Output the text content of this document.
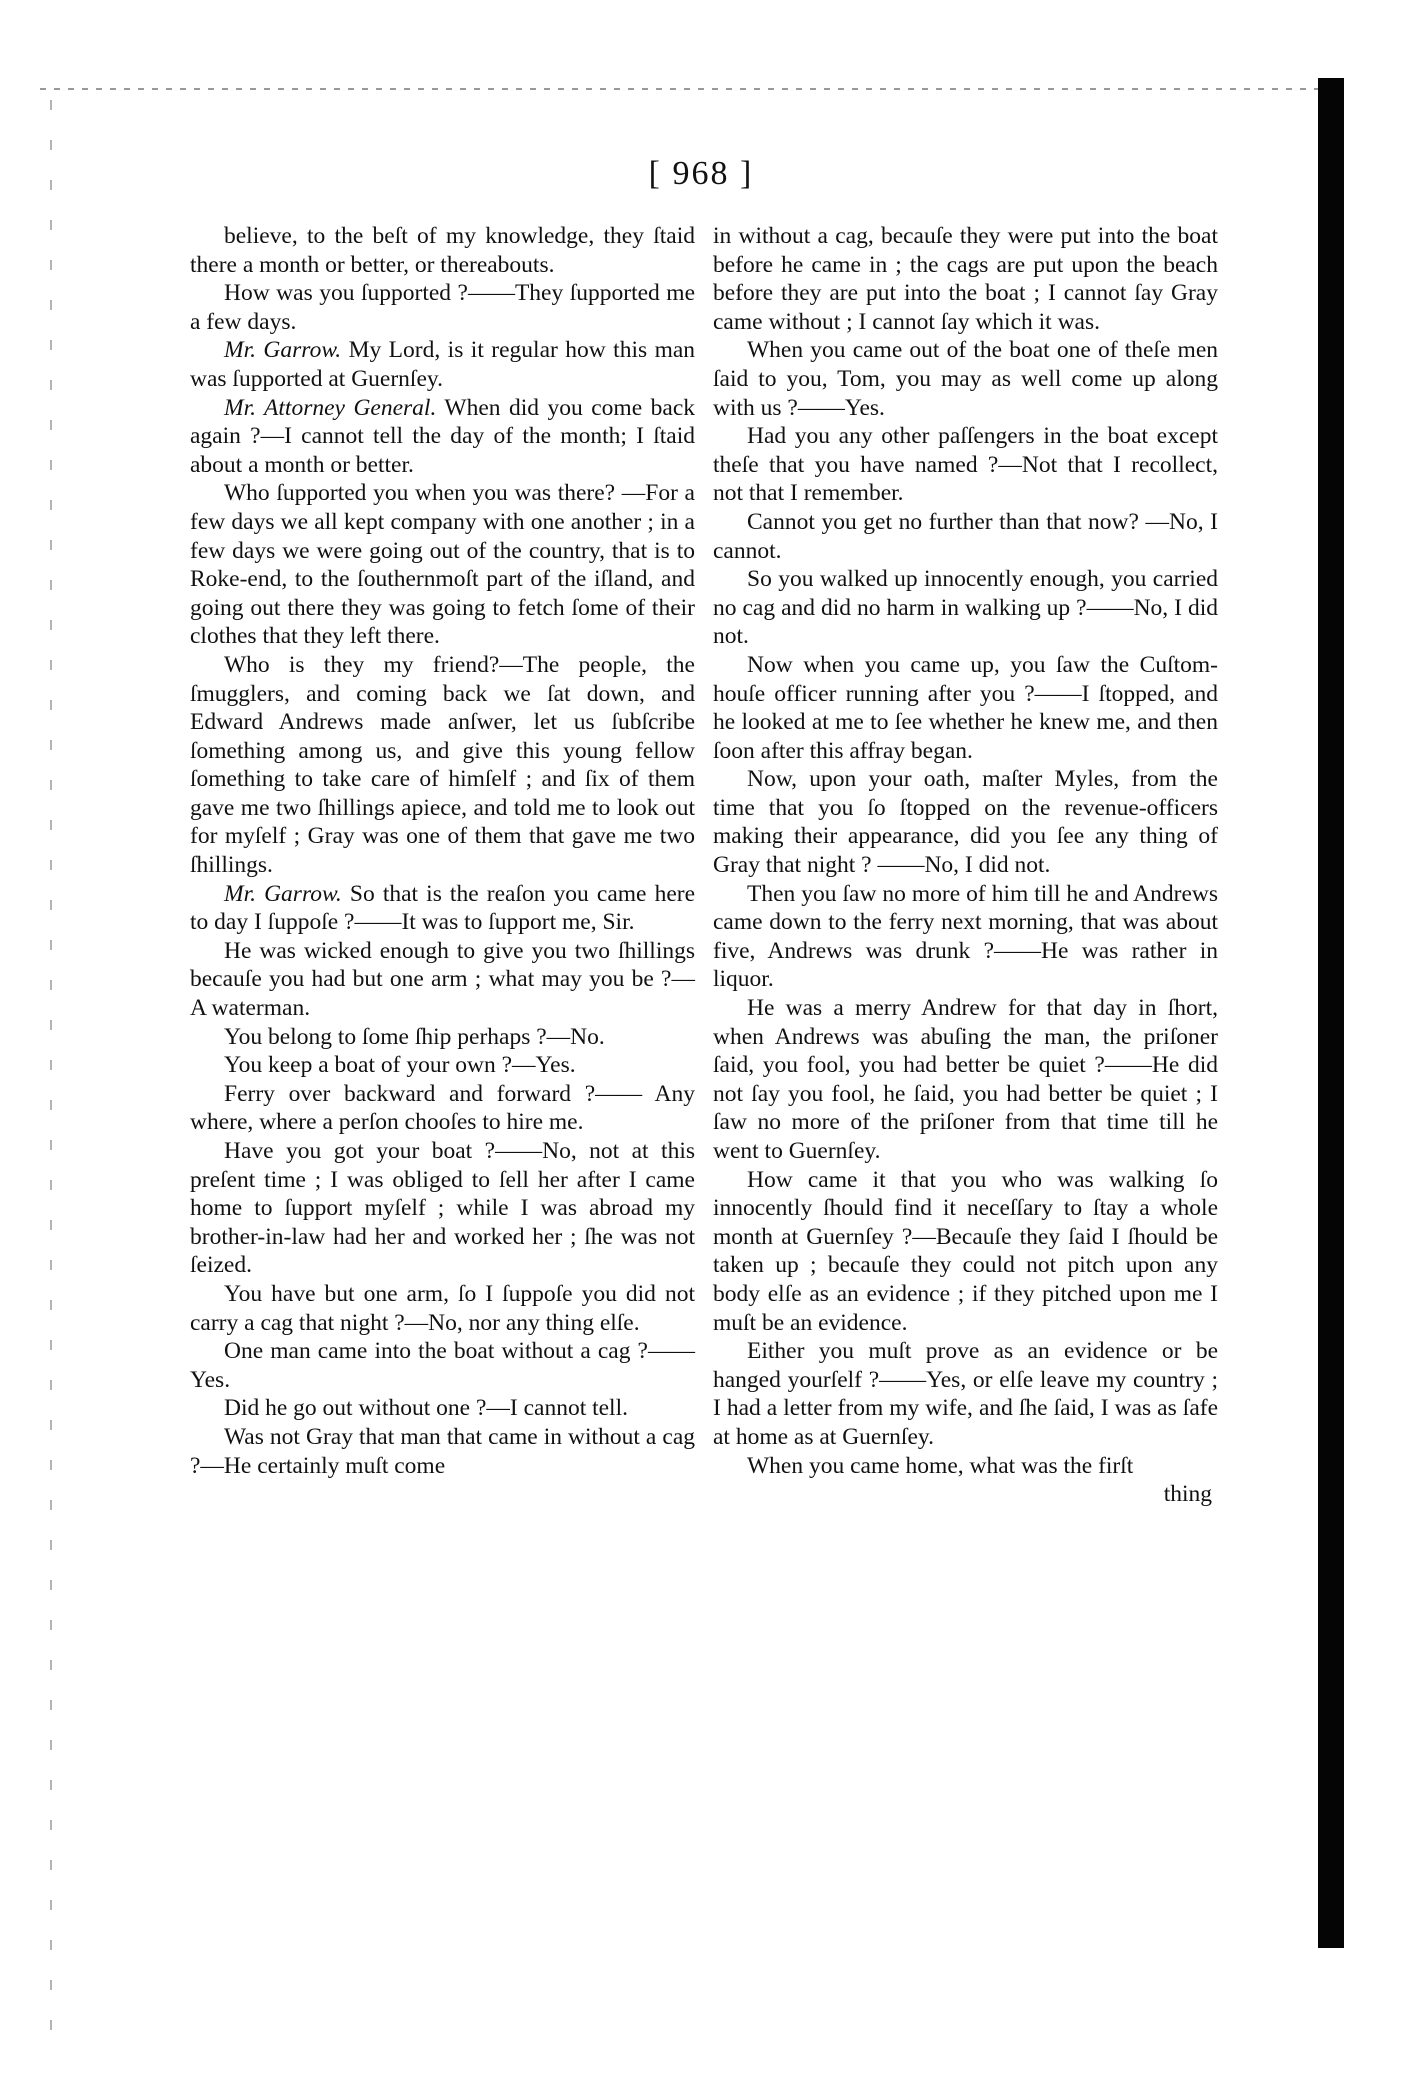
[ 968 ]

believe, to the beſt of my knowledge, they ſtaid there a month or better, or thereabouts.

How was you ſupported ?——They ſupported me a few days.

Mr. Garrow. My Lord, is it regular how this man was ſupported at Guernſey.

Mr. Attorney General. When did you come back again ?—I cannot tell the day of the month; I ſtaid about a month or better.

Who ſupported you when you was there? —For a few days we all kept company with one another ; in a few days we were going out of the country, that is to Roke-end, to the ſouthernmoſt part of the iſland, and going out there they was going to fetch ſome of their clothes that they left there.

Who is they my friend?—The people, the ſmugglers, and coming back we ſat down, and Edward Andrews made anſwer, let us ſubſcribe ſomething among us, and give this young fellow ſomething to take care of himſelf ; and ſix of them gave me two ſhillings apiece, and told me to look out for myſelf ; Gray was one of them that gave me two ſhillings.

Mr. Garrow. So that is the reaſon you came here to day I ſuppoſe ?——It was to ſupport me, Sir.

He was wicked enough to give you two ſhillings becauſe you had but one arm ; what may you be ?—A waterman.

You belong to ſome ſhip perhaps ?—No.

You keep a boat of your own ?—Yes.

Ferry over backward and forward ?—— Any where, where a perſon chooſes to hire me.

Have you got your boat ?——No, not at this preſent time ; I was obliged to ſell her after I came home to ſupport myſelf ; while I was abroad my brother-in-law had her and worked her ; ſhe was not ſeized.

You have but one arm, ſo I ſuppoſe you did not carry a cag that night ?—No, nor any thing elſe.

One man came into the boat without a cag ?——Yes.

Did he go out without one ?—I cannot tell.

Was not Gray that man that came in without a cag ?—He certainly muſt come

in without a cag, becauſe they were put into the boat before he came in ; the cags are put upon the beach before they are put into the boat ; I cannot ſay Gray came without ; I cannot ſay which it was.

When you came out of the boat one of theſe men ſaid to you, Tom, you may as well come up along with us ?——Yes.

Had you any other paſſengers in the boat except theſe that you have named ?—Not that I recollect, not that I remember.

Cannot you get no further than that now? —No, I cannot.

So you walked up innocently enough, you carried no cag and did no harm in walking up ?——No, I did not.

Now when you came up, you ſaw the Cuſtom-houſe officer running after you ?——I ſtopped, and he looked at me to ſee whether he knew me, and then ſoon after this affray began.

Now, upon your oath, maſter Myles, from the time that you ſo ſtopped on the revenue-officers making their appearance, did you ſee any thing of Gray that night ? ——No, I did not.

Then you ſaw no more of him till he and Andrews came down to the ferry next morning, that was about five, Andrews was drunk ?——He was rather in liquor.

He was a merry Andrew for that day in ſhort, when Andrews was abuſing the man, the priſoner ſaid, you fool, you had better be quiet ?——He did not ſay you fool, he ſaid, you had better be quiet ; I ſaw no more of the priſoner from that time till he went to Guernſey.

How came it that you who was walking ſo innocently ſhould find it neceſſary to ſtay a whole month at Guernſey ?—Becauſe they ſaid I ſhould be taken up ; becauſe they could not pitch upon any body elſe as an evidence ; if they pitched upon me I muſt be an evidence.

Either you muſt prove as an evidence or be hanged yourſelf ?——Yes, or elſe leave my country ; I had a letter from my wife, and ſhe ſaid, I was as ſafe at home as at Guernſey.

When you came home, what was the firſt

thing
